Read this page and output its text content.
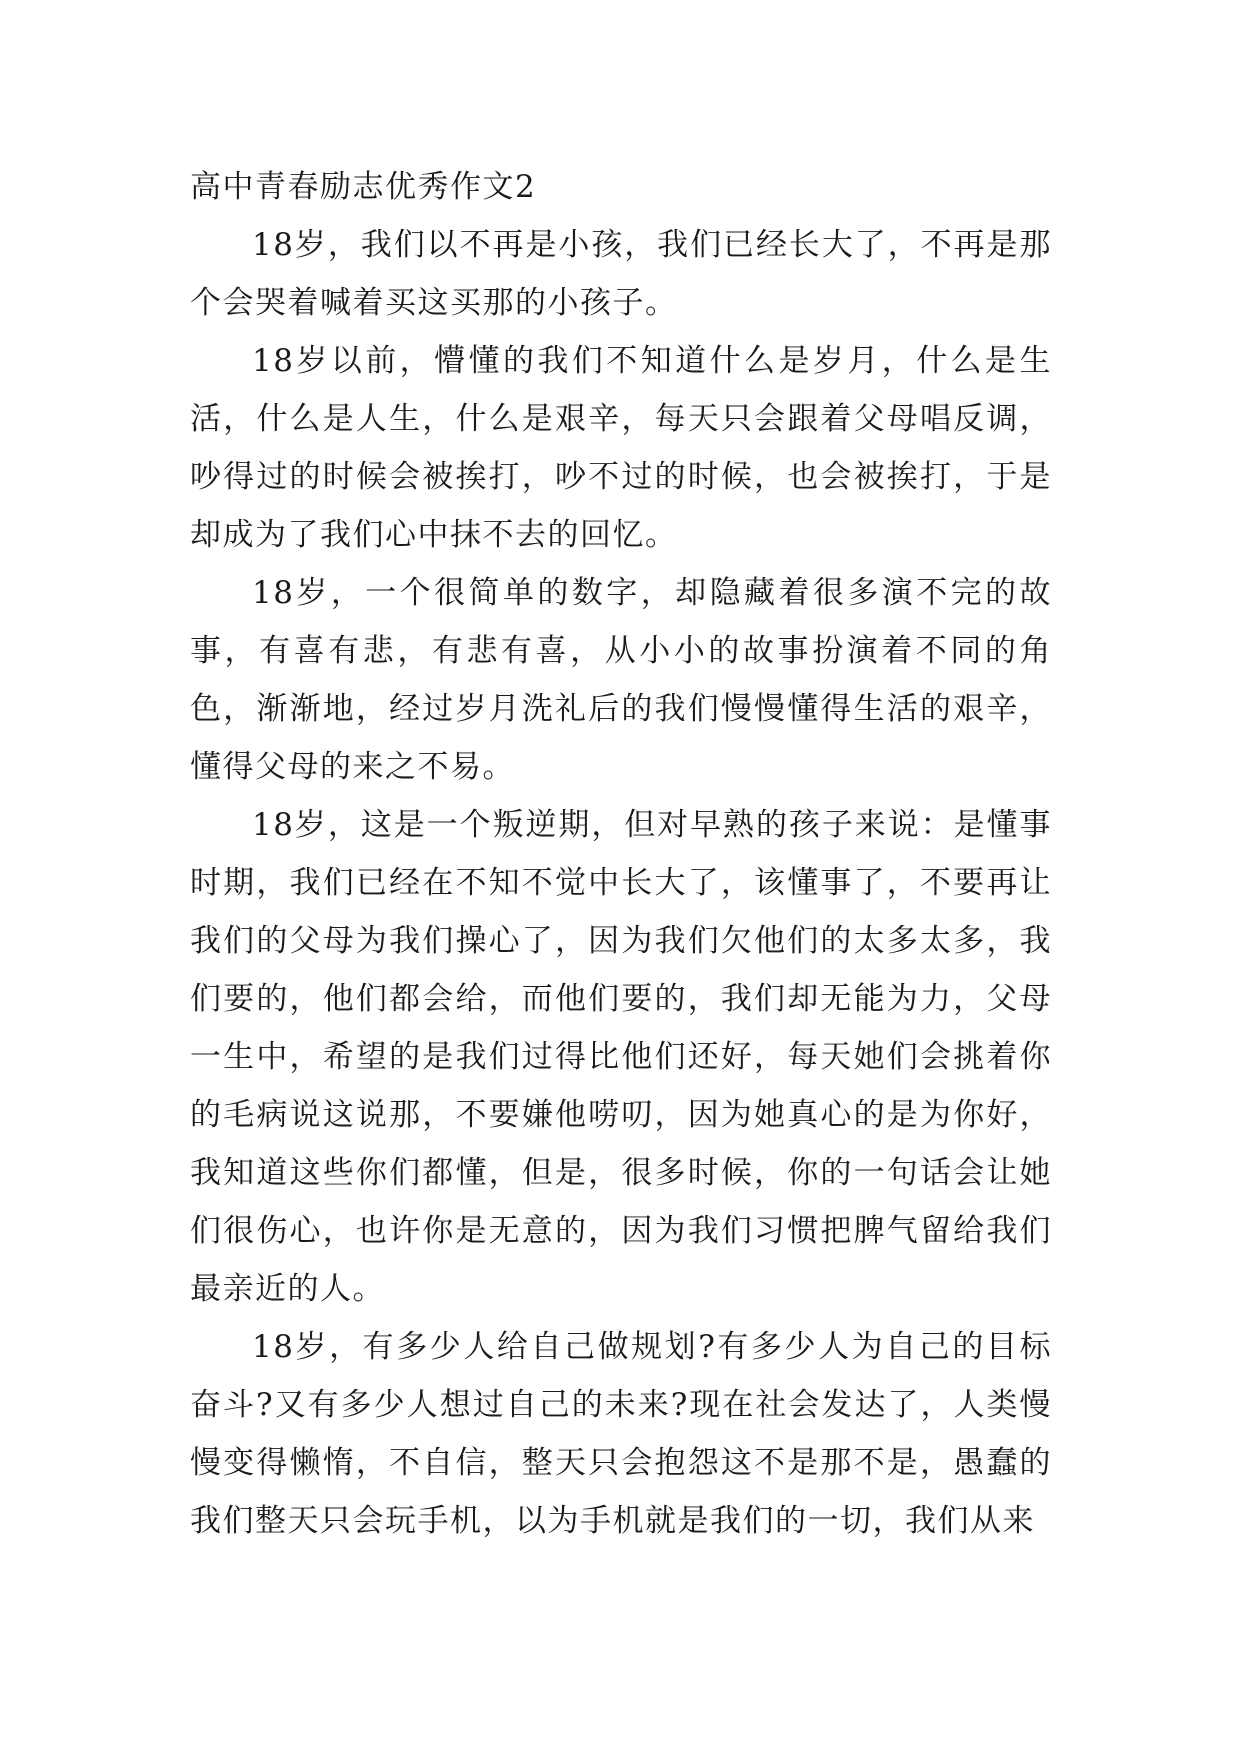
高中青春励志优秀作文2

18岁，我们以不再是小孩，我们已经长大了，不再是那个会哭着喊着买这买那的小孩子。

18岁以前，懵懂的我们不知道什么是岁月，什么是生活，什么是人生，什么是艰辛，每天只会跟着父母唱反调，吵得过的时候会被挨打，吵不过的时候，也会被挨打，于是却成为了我们心中抹不去的回忆。

18岁，一个很简单的数字，却隐藏着很多演不完的故事，有喜有悲，有悲有喜，从小小的故事扮演着不同的角色，渐渐地，经过岁月洗礼后的我们慢慢懂得生活的艰辛，懂得父母的来之不易。

18岁，这是一个叛逆期，但对早熟的孩子来说：是懂事时期，我们已经在不知不觉中长大了，该懂事了，不要再让我们的父母为我们操心了，因为我们欠他们的太多太多，我们要的，他们都会给，而他们要的，我们却无能为力，父母一生中，希望的是我们过得比他们还好，每天她们会挑着你的毛病说这说那，不要嫌他唠叨，因为她真心的是为你好，我知道这些你们都懂，但是，很多时候，你的一句话会让她们很伤心，也许你是无意的，因为我们习惯把脾气留给我们最亲近的人。

18岁，有多少人给自己做规划?有多少人为自己的目标奋斗?又有多少人想过自己的未来?现在社会发达了，人类慢慢变得懒惰，不自信，整天只会抱怨这不是那不是，愚蠢的我们整天只会玩手机，以为手机就是我们的一切，我们从来
